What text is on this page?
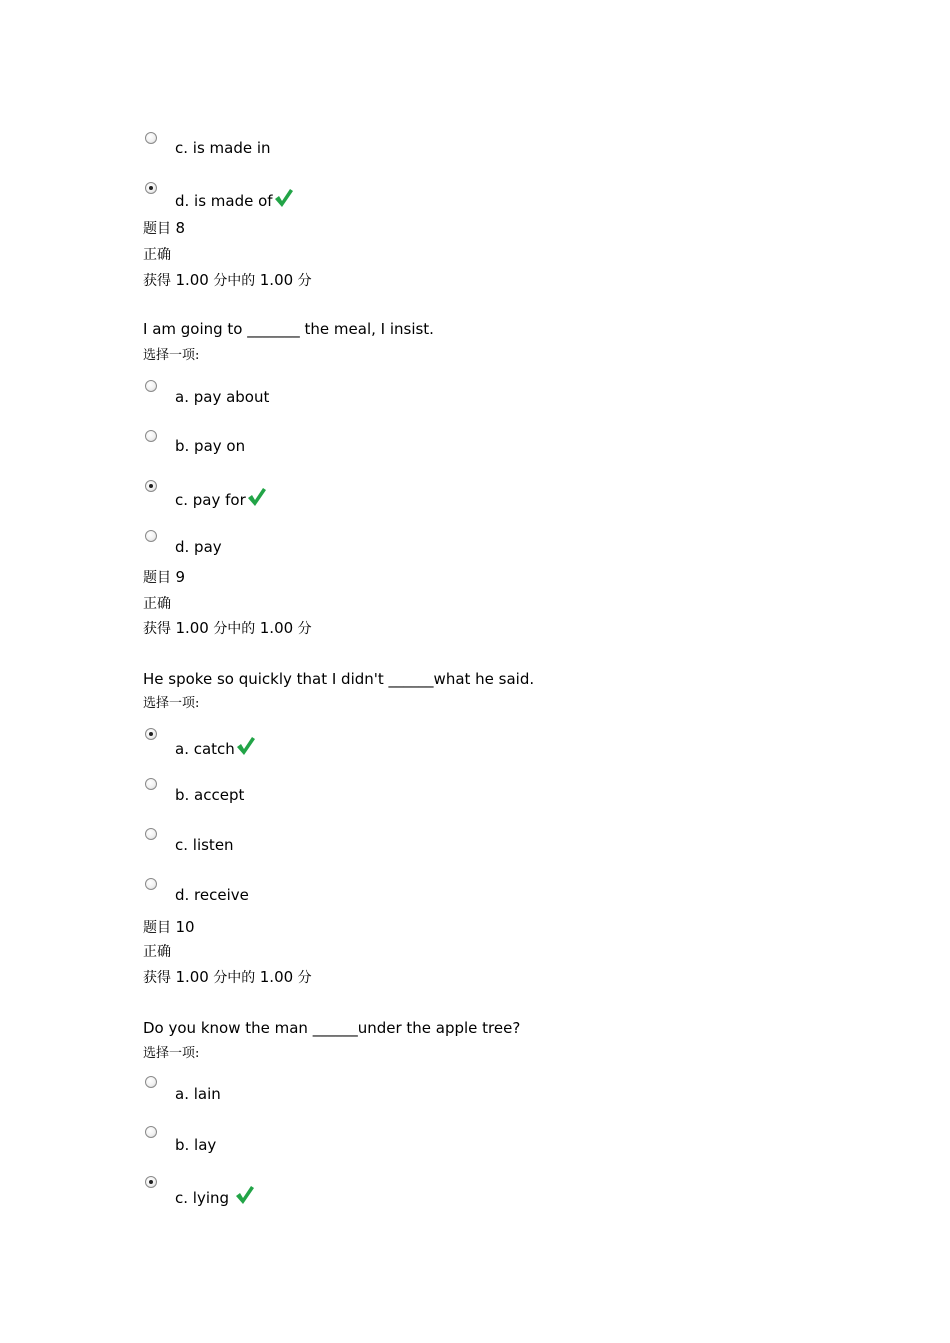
c. is made in
d. is made of
题目 8
正确
获得 1.00 分中的 1.00 分
I am going to _______ the meal, I insist.
选择一项:
a. pay about
b. pay on
c. pay for
d. pay
题目 9
正确
获得 1.00 分中的 1.00 分
He spoke so quickly that I didn't ______what he said.
选择一项:
a. catch
b. accept
c. listen
d. receive
题目 10
正确
获得 1.00 分中的 1.00 分
Do you know the man ______under the apple tree?
选择一项:
a. lain
b. lay
c. lying
